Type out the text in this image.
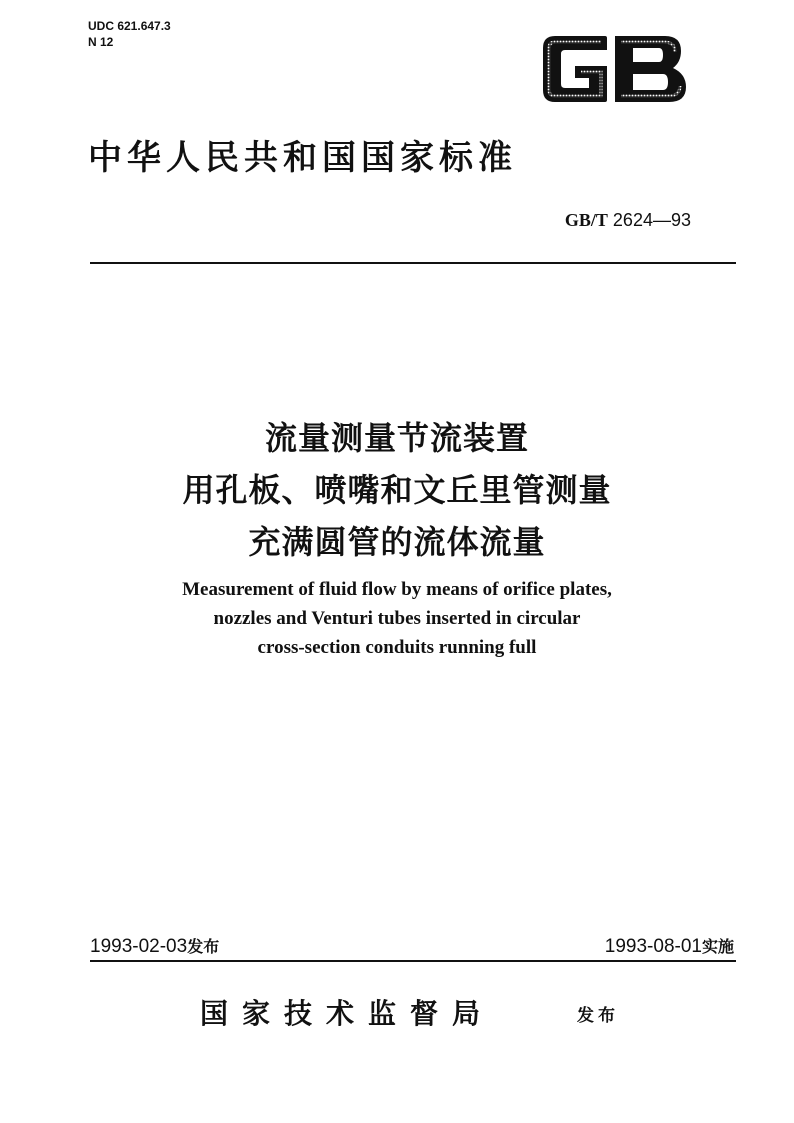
UDC 621.647.3
N 12
中华人民共和国国家标准
GB/T 2624—93
流量测量节流装置
用孔板、喷嘴和文丘里管测量
充满圆管的流体流量
Measurement of fluid flow by means of orifice plates,
nozzles and Venturi tubes inserted in circular
cross-section conduits running full
1993-02-03发布	1993-08-01实施
国家技术监督局	发布
